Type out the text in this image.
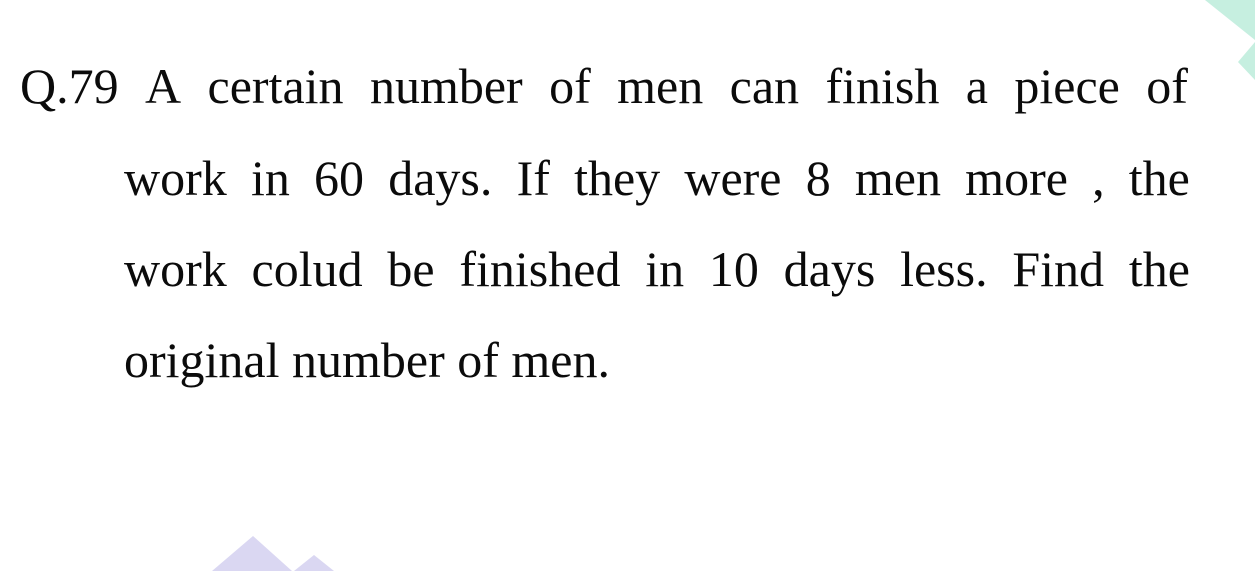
Q.79 A certain number of men can finish a piece of

work in 60 days. If they were 8 men more , the

work colud be finished in 10 days less. Find the

original number of men.
